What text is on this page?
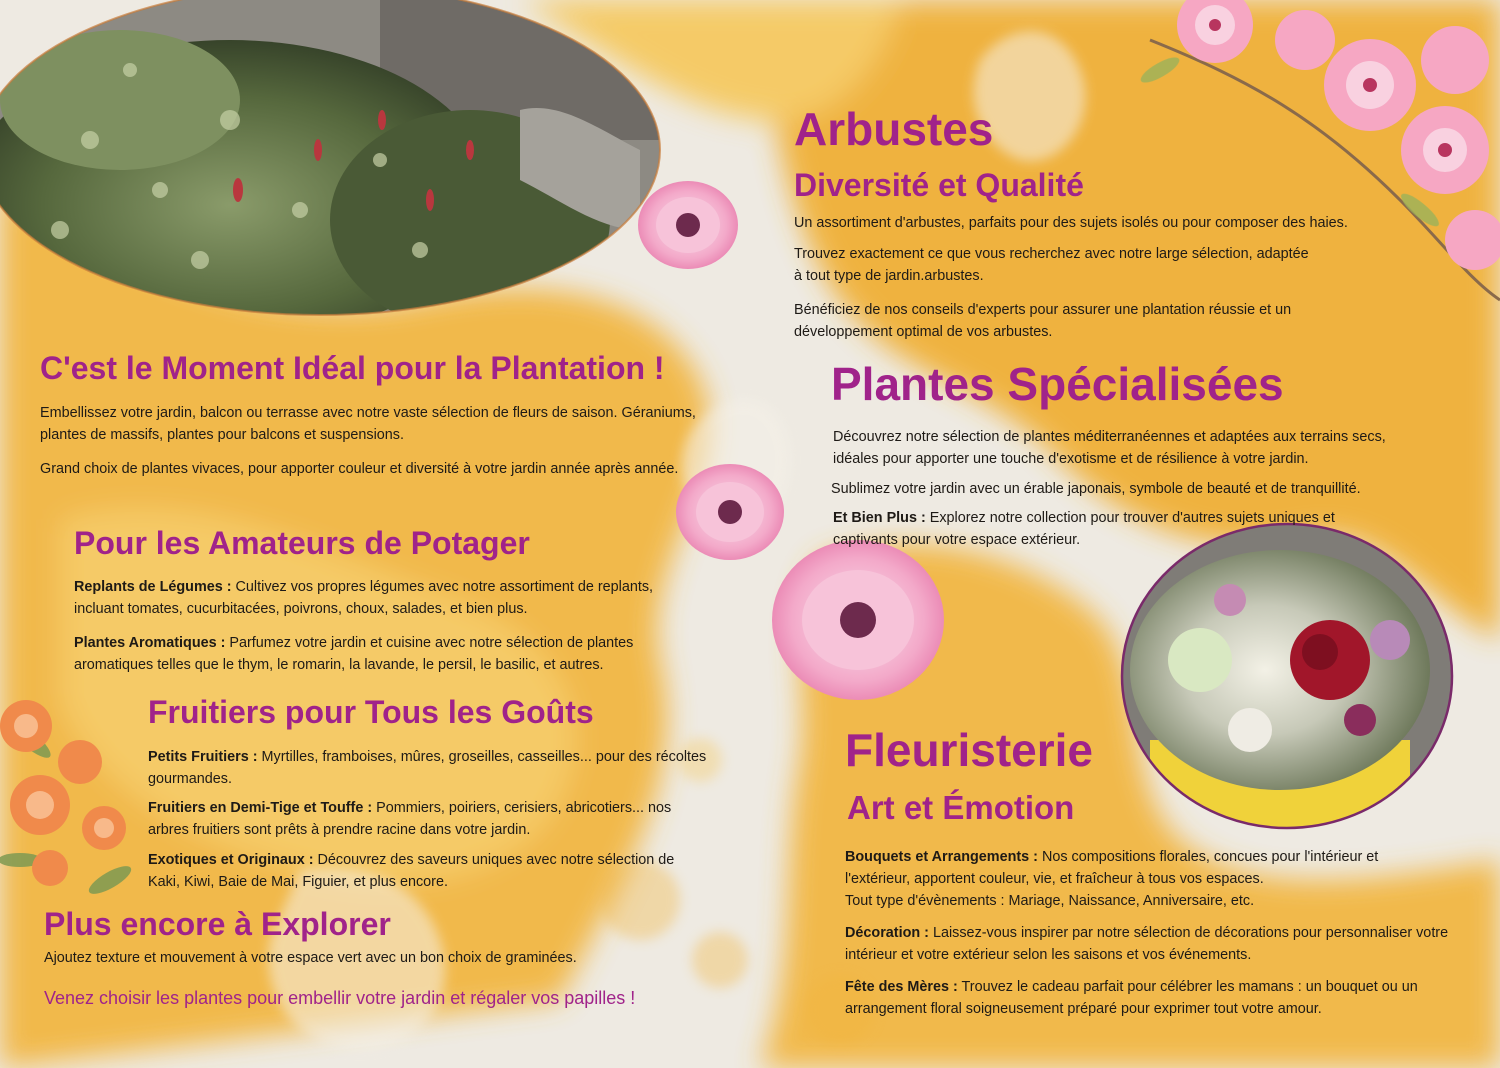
C'est le Moment Idéal pour la Plantation !

Embellissez votre jardin, balcon ou terrasse avec notre vaste sélection de fleurs de saison. Géraniums, plantes de massifs, plantes pour balcons et suspensions.

Grand choix de plantes vivaces, pour apporter couleur et diversité à votre jardin année après année.

Pour les Amateurs de Potager

Replants de Légumes : Cultivez vos propres légumes avec notre assortiment de replants, incluant tomates, cucurbitacées, poivrons, choux, salades, et bien plus.

Plantes Aromatiques : Parfumez votre jardin et cuisine avec notre sélection de plantes aromatiques telles que le thym, le romarin, la lavande, le persil, le basilic, et autres.

Fruitiers pour Tous les Goûts

Petits Fruitiers : Myrtilles, framboises, mûres, groseilles, casseilles... pour des récoltes gourmandes.

Fruitiers en Demi-Tige et Touffe : Pommiers, poiriers, cerisiers, abricotiers... nos arbres fruitiers sont prêts à prendre racine dans votre jardin.

Exotiques et Originaux : Découvrez des saveurs uniques avec notre sélection de Kaki, Kiwi, Baie de Mai, Figuier, et plus encore.

Plus encore à Explorer

Ajoutez texture et mouvement à votre espace vert avec un bon choix de graminées.

Venez choisir les plantes pour embellir votre jardin et régaler vos papilles !

Arbustes
Diversité et Qualité

Un assortiment d'arbustes, parfaits pour des sujets isolés ou pour composer des haies.

Trouvez exactement ce que vous recherchez avec notre large sélection, adaptée à tout type de jardin.arbustes.

Bénéficiez de nos conseils d'experts pour assurer une plantation réussie et un développement optimal de vos arbustes.

Plantes Spécialisées

Découvrez notre sélection de plantes méditerranéennes et adaptées aux terrains secs, idéales pour apporter une touche d'exotisme et de résilience à votre jardin.

Sublimez votre jardin avec un érable japonais, symbole de beauté et de tranquillité.

Et Bien Plus : Explorez notre collection pour trouver d'autres sujets uniques et captivants pour votre espace extérieur.

Fleuristerie
Art et Émotion

Bouquets et Arrangements : Nos compositions florales, concues pour l'intérieur et l'extérieur, apportent couleur, vie, et fraîcheur à tous vos espaces.
Tout type d'évènements : Mariage, Naissance, Anniversaire, etc.

Décoration : Laissez-vous inspirer par notre sélection de décorations pour personnaliser votre intérieur et votre extérieur selon les saisons et vos événements.

Fête des Mères : Trouvez le cadeau parfait pour célébrer les mamans : un bouquet ou un arrangement floral soigneusement préparé pour exprimer tout votre amour.
